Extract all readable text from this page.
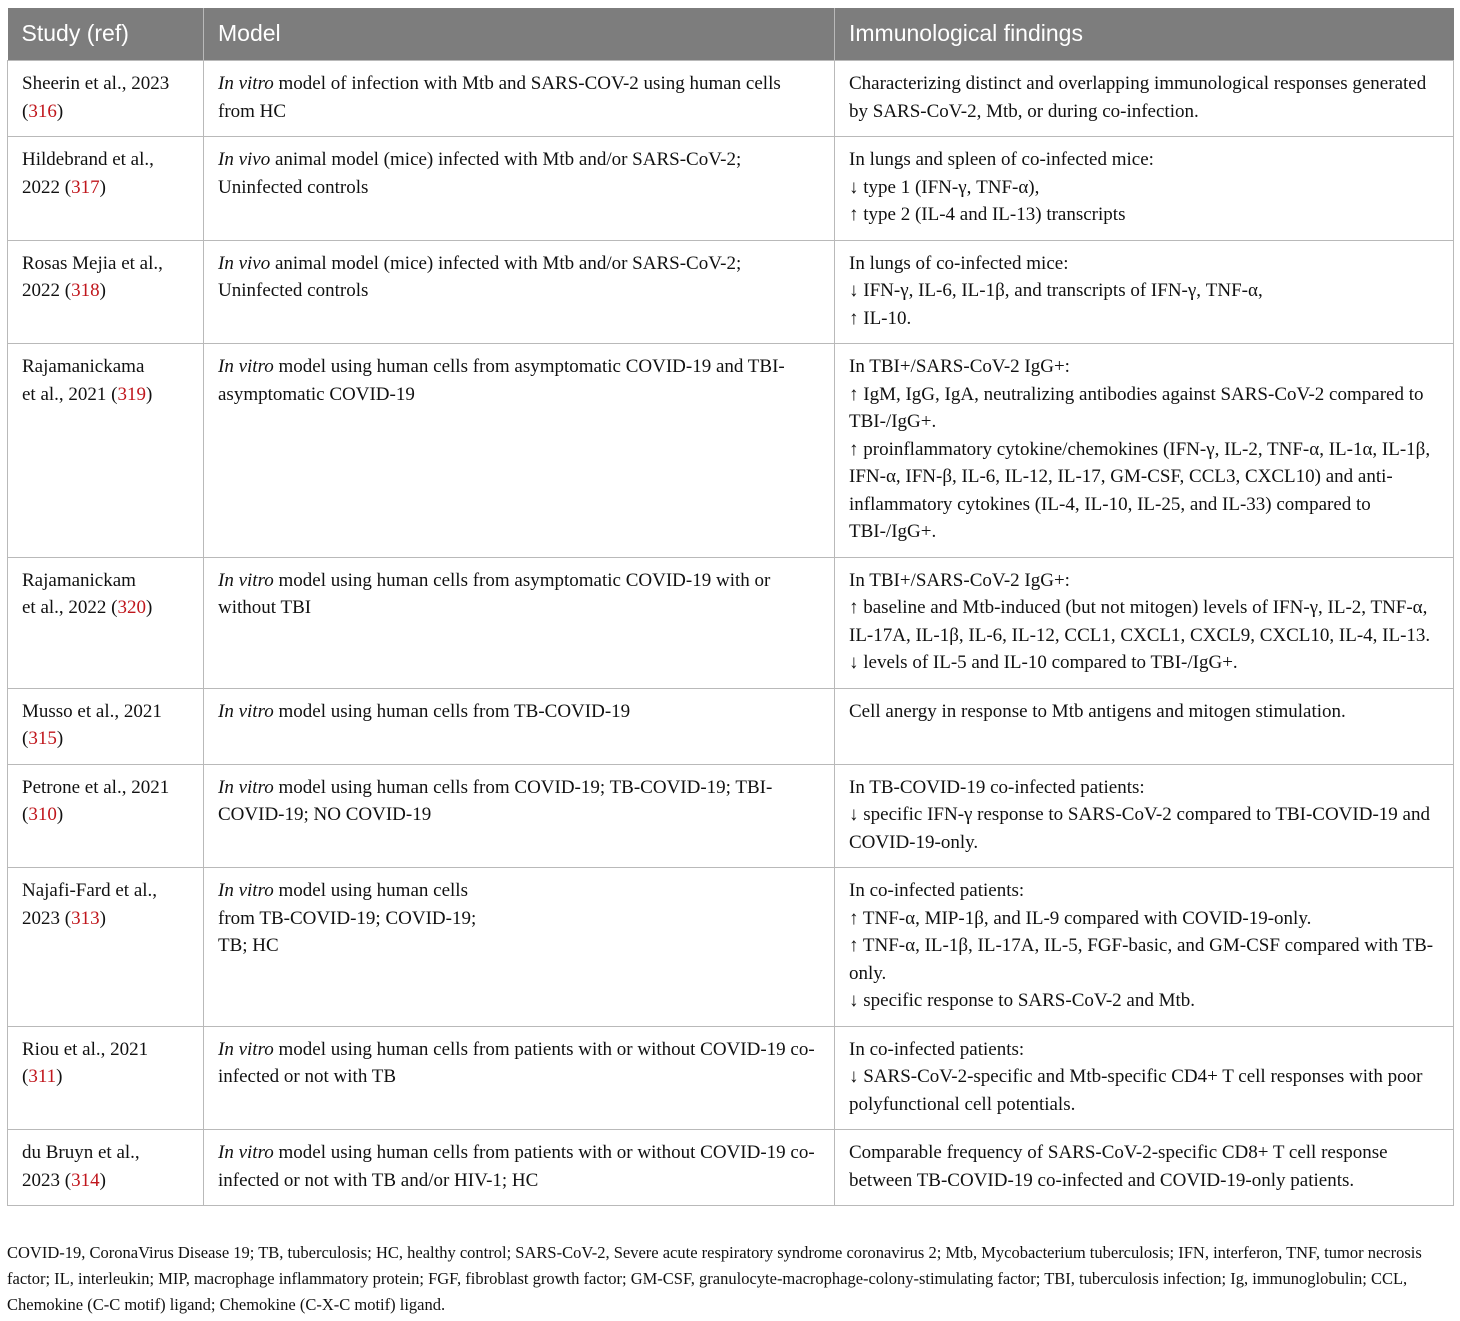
Study (ref)	Model	Immunological findings

Sheerin et al., 2023
(316)	In vitro model of infection with Mtb and SARS-COV-2 using human cells from HC	Characterizing distinct and overlapping immunological responses generated by SARS-CoV-2, Mtb, or during co-infection.

Hildebrand et al.,
2022 (317)	In vivo animal model (mice) infected with Mtb and/or SARS-CoV-2; Uninfected controls	In lungs and spleen of co-infected mice:
↓ type 1 (IFN-γ, TNF-α),
↑ type 2 (IL-4 and IL-13) transcripts

Rosas Mejia et al.,
2022 (318)	In vivo animal model (mice) infected with Mtb and/or SARS-CoV-2; Uninfected controls	In lungs of co-infected mice:
↓ IFN-γ, IL-6, IL-1β, and transcripts of IFN-γ, TNF-α,
↑ IL-10.

Rajamanickama
et al., 2021 (319)	In vitro model using human cells from asymptomatic COVID-19 and TBI- asymptomatic COVID-19	In TBI+/SARS-CoV-2 IgG+:
↑ IgM, IgG, IgA, neutralizing antibodies against SARS-CoV-2 compared to TBI-/IgG+.
↑ proinflammatory cytokine/chemokines (IFN-γ, IL-2, TNF-α, IL-1α, IL-1β, IFN-α, IFN-β, IL-6, IL-12, IL-17, GM-CSF, CCL3, CXCL10) and anti-inflammatory cytokines (IL-4, IL-10, IL-25, and IL-33) compared to TBI-/IgG+.

Rajamanickam
et al., 2022 (320)	In vitro model using human cells from asymptomatic COVID-19 with or without TBI	In TBI+/SARS-CoV-2 IgG+:
↑ baseline and Mtb-induced (but not mitogen) levels of IFN-γ, IL-2, TNF-α, IL-17A, IL-1β, IL-6, IL-12, CCL1, CXCL1, CXCL9, CXCL10, IL-4, IL-13.
↓ levels of IL-5 and IL-10 compared to TBI-/IgG+.

Musso et al., 2021
(315)	In vitro model using human cells from TB-COVID-19	Cell anergy in response to Mtb antigens and mitogen stimulation.

Petrone et al., 2021
(310)	In vitro model using human cells from COVID-19; TB-COVID-19; TBI-COVID-19; NO COVID-19	In TB-COVID-19 co-infected patients:
↓ specific IFN-γ response to SARS-CoV-2 compared to TBI-COVID-19 and COVID-19-only.

Najafi-Fard et al.,
2023 (313)	In vitro model using human cells
from TB-COVID-19; COVID-19;
TB; HC	In co-infected patients:
↑ TNF-α, MIP-1β, and IL-9 compared with COVID-19-only.
↑ TNF-α, IL-1β, IL-17A, IL-5, FGF-basic, and GM-CSF compared with TB-only.
↓ specific response to SARS-CoV-2 and Mtb.

Riou et al., 2021
(311)	In vitro model using human cells from patients with or without COVID-19 co-infected or not with TB	In co-infected patients:
↓ SARS-CoV-2-specific and Mtb-specific CD4+ T cell responses with poor polyfunctional cell potentials.

du Bruyn et al.,
2023 (314)	In vitro model using human cells from patients with or without COVID-19 co-infected or not with TB and/or HIV-1; HC	Comparable frequency of SARS-CoV-2-specific CD8+ T cell response between TB-COVID-19 co-infected and COVID-19-only patients.
COVID-19, CoronaVirus Disease 19; TB, tuberculosis; HC, healthy control; SARS-CoV-2, Severe acute respiratory syndrome coronavirus 2; Mtb, Mycobacterium tuberculosis; IFN, interferon, TNF, tumor necrosis factor; IL, interleukin; MIP, macrophage inflammatory protein; FGF, fibroblast growth factor; GM-CSF, granulocyte-macrophage-colony-stimulating factor; TBI, tuberculosis infection; Ig, immunoglobulin; CCL, Chemokine (C-C motif) ligand; Chemokine (C-X-C motif) ligand.
